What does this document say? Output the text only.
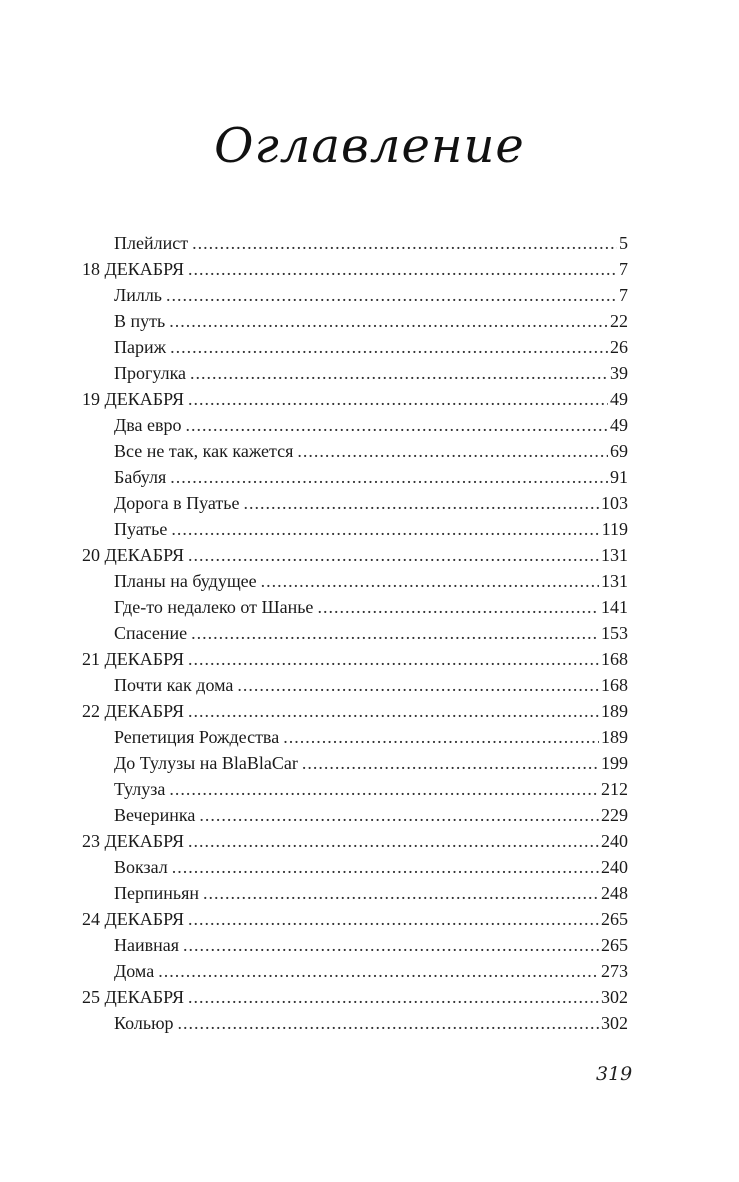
Оглавление
Плейлист .....	5
18 ДЕКАБРЯ .....	7
Лилль .....	7
В путь .....	22
Париж .....	26
Прогулка .....	39
19 ДЕКАБРЯ .....	49
Два евро .....	49
Все не так, как кажется .....	69
Бабуля .....	91
Дорога в Пуатье .....	103
Пуатье .....	119
20 ДЕКАБРЯ .....	131
Планы на будущее .....	131
Где-то недалеко от Шанье .....	141
Спасение .....	153
21 ДЕКАБРЯ .....	168
Почти как дома .....	168
22 ДЕКАБРЯ .....	189
Репетиция Рождества .....	189
До Тулузы на BlaBlaCar .....	199
Тулуза .....	212
Вечеринка .....	229
23 ДЕКАБРЯ .....	240
Вокзал .....	240
Перпиньян .....	248
24 ДЕКАБРЯ .....	265
Наивная .....	265
Дома .....	273
25 ДЕКАБРЯ .....	302
Кольюр .....	302
319
